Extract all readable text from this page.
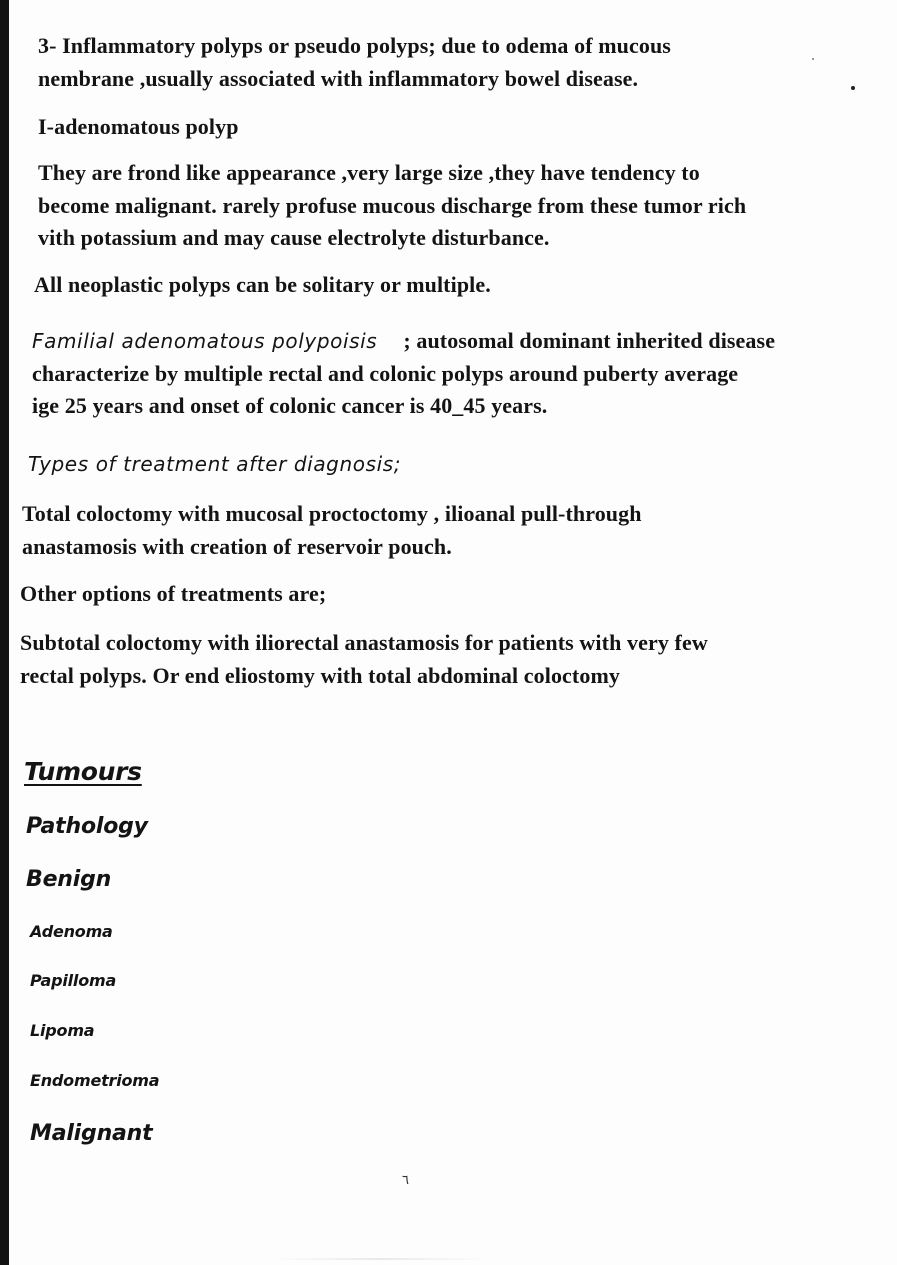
3- Inflammatory polyps or pseudo polyps; due to odema of mucous
nembrane ,usually associated with inflammatory bowel disease.
I-adenomatous polyp
They are frond like appearance ,very large size ,they have tendency to
become malignant. rarely profuse mucous discharge from these tumor rich
vith potassium and may cause electrolyte disturbance.
All neoplastic polyps can be solitary or multiple.
Familial adenomatous polypoisis ; autosomal dominant inherited disease
characterize by multiple rectal and colonic polyps around puberty average
ige 25 years and onset of colonic cancer is 40_45 years.
Types of treatment after diagnosis;
Total coloctomy with mucosal proctoctomy , ilioanal pull-through
anastamosis with creation of reservoir pouch.
Other options of treatments are;
Subtotal coloctomy with iliorectal anastamosis for patients with very few
rectal polyps. Or end eliostomy with total abdominal coloctomy
Tumours
Pathology
Benign
Adenoma
Papilloma
Lipoma
Endometrioma
Malignant
٦
